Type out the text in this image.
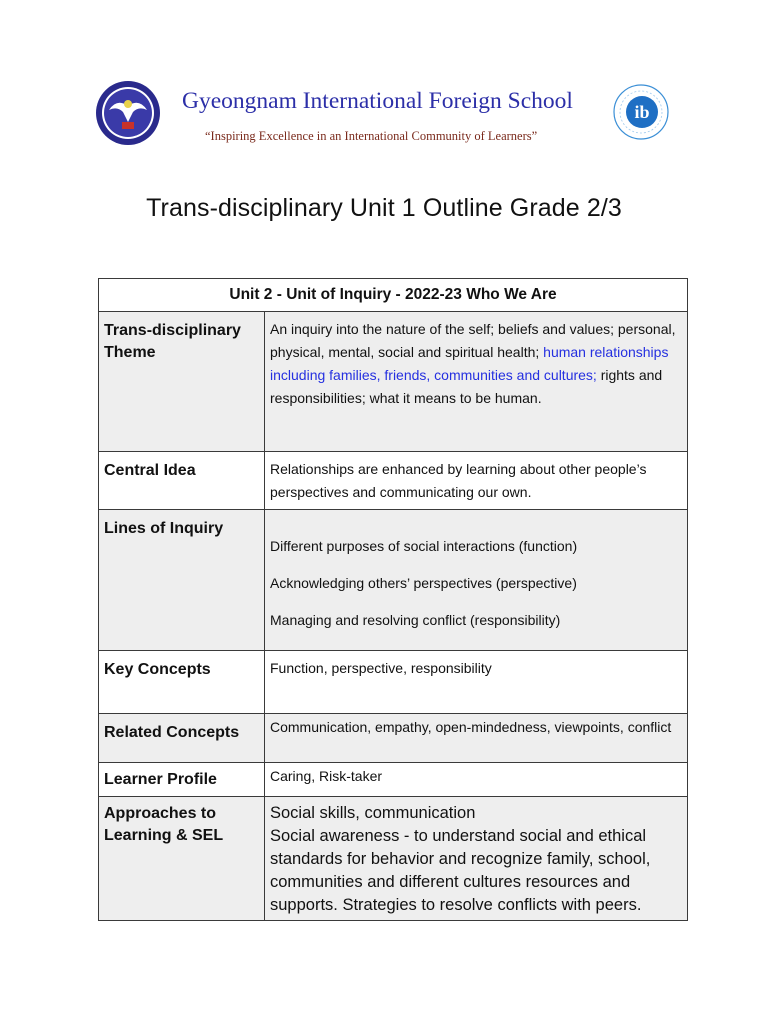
Gyeongnam International Foreign School
“Inspiring Excellence in an International Community of Learners”
ib
Trans-disciplinary Unit 1 Outline Grade 2/3
Unit 2 - Unit of Inquiry - 2022-23 Who We Are	
Trans-disciplinary Theme	An inquiry into the nature of the self; beliefs and values; personal, physical, mental, social and spiritual health; human relationships including families, friends, communities and cultures; rights and responsibilities; what it means to be human.
Central Idea	Relationships are enhanced by learning about other people’s perspectives and communicating our own.
Lines of Inquiry	Different purposes of social interactions (function)
Acknowledging others’ perspectives (perspective)
Managing and resolving conflict (responsibility)

Key Concepts	Function, perspective, responsibility
Related Concepts	Communication, empathy, open-mindedness, viewpoints, conflict
Learner Profile	Caring, Risk-taker
Approaches to Learning & SEL	Social skills, communication
Social awareness - to understand social and ethical standards for behavior and recognize family, school, communities and different cultures resources and supports. Strategies to resolve conflicts with peers.
